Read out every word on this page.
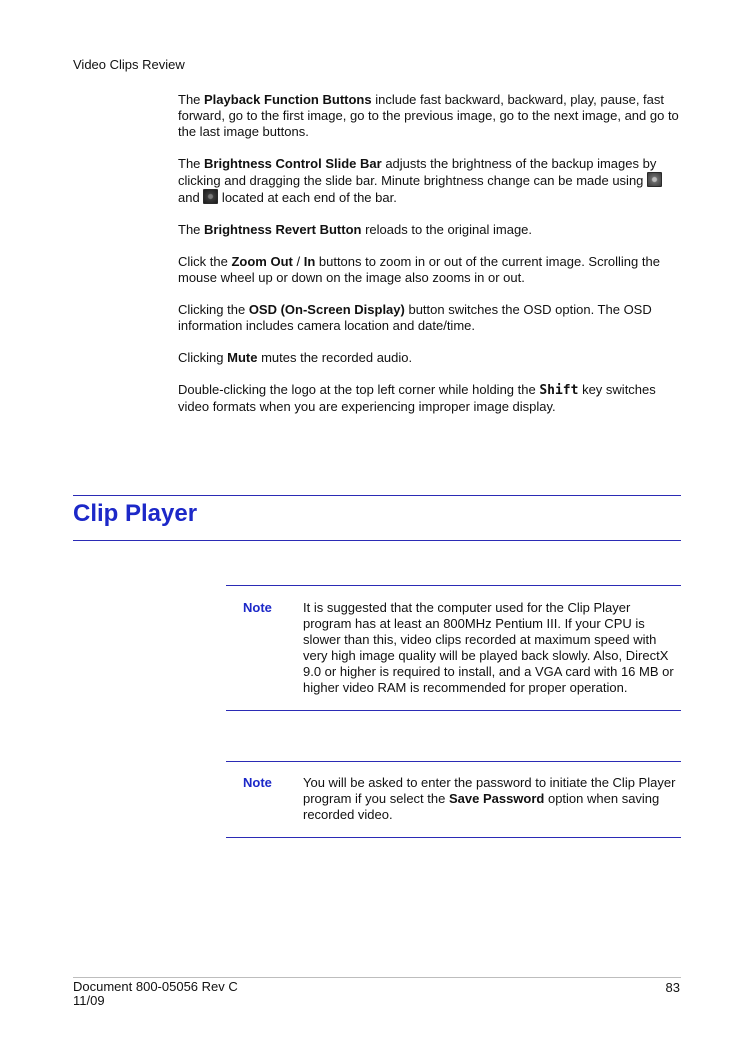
Video Clips Review

The Playback Function Buttons include fast backward, backward, play, pause, fast forward, go to the first image, go to the previous image, go to the next image, and go to the last image buttons.

The Brightness Control Slide Bar adjusts the brightness of the backup images by clicking and dragging the slide bar. Minute brightness change can be made using
and  located at each end of the bar.

The Brightness Revert Button reloads to the original image.

Click the Zoom Out / In buttons to zoom in or out of the current image. Scrolling the mouse wheel up or down on the image also zooms in or out.

Clicking the OSD (On-Screen Display) button switches the OSD option. The OSD information includes camera location and date/time.

Clicking Mute mutes the recorded audio.

Double-clicking the logo at the top left corner while holding the Shift key switches video formats when you are experiencing improper image display.

Clip Player
Note It is suggested that the computer used for the Clip Player program has at least an 800MHz Pentium III. If your CPU is slower than this, video clips recorded at maximum speed with very high image quality will be played back slowly. Also, DirectX 9.0 or higher is required to install, and a VGA card with 16 MB or higher video RAM is recommended for proper operation.
Note You will be asked to enter the password to initiate the Clip Player program if you select the Save Password option when saving recorded video.
Document 800-05056 Rev C
11/09
83
